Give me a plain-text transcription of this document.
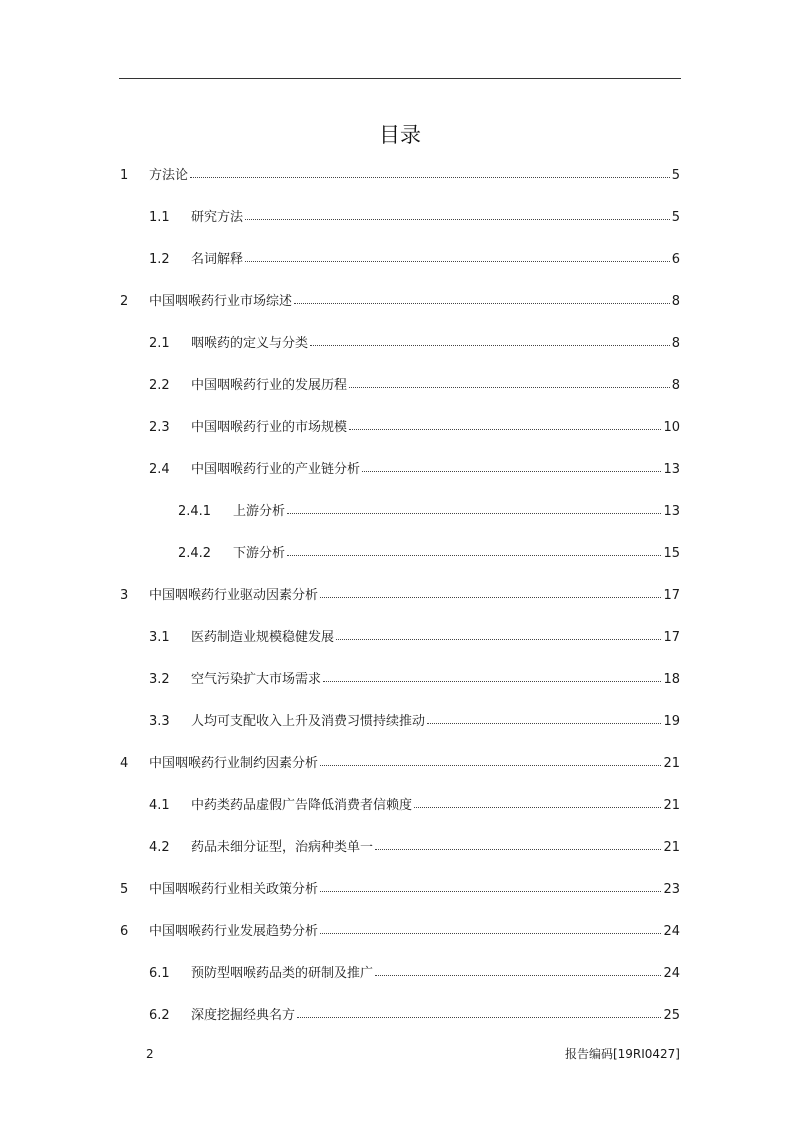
目录
1	方法论	5
1.1	研究方法	5
1.2	名词解释	6
2	中国咽喉药行业市场综述	8
2.1	咽喉药的定义与分类	8
2.2	中国咽喉药行业的发展历程	8
2.3	中国咽喉药行业的市场规模	10
2.4	中国咽喉药行业的产业链分析	13
2.4.1	上游分析	13
2.4.2	下游分析	15
3	中国咽喉药行业驱动因素分析	17
3.1	医药制造业规模稳健发展	17
3.2	空气污染扩大市场需求	18
3.3	人均可支配收入上升及消费习惯持续推动	19
4	中国咽喉药行业制约因素分析	21
4.1	中药类药品虚假广告降低消费者信赖度	21
4.2	药品未细分证型，治病种类单一	21
5	中国咽喉药行业相关政策分析	23
6	中国咽喉药行业发展趋势分析	24
6.1	预防型咽喉药品类的研制及推广	24
6.2	深度挖掘经典名方	25
2	报告编码[19RI0427]
